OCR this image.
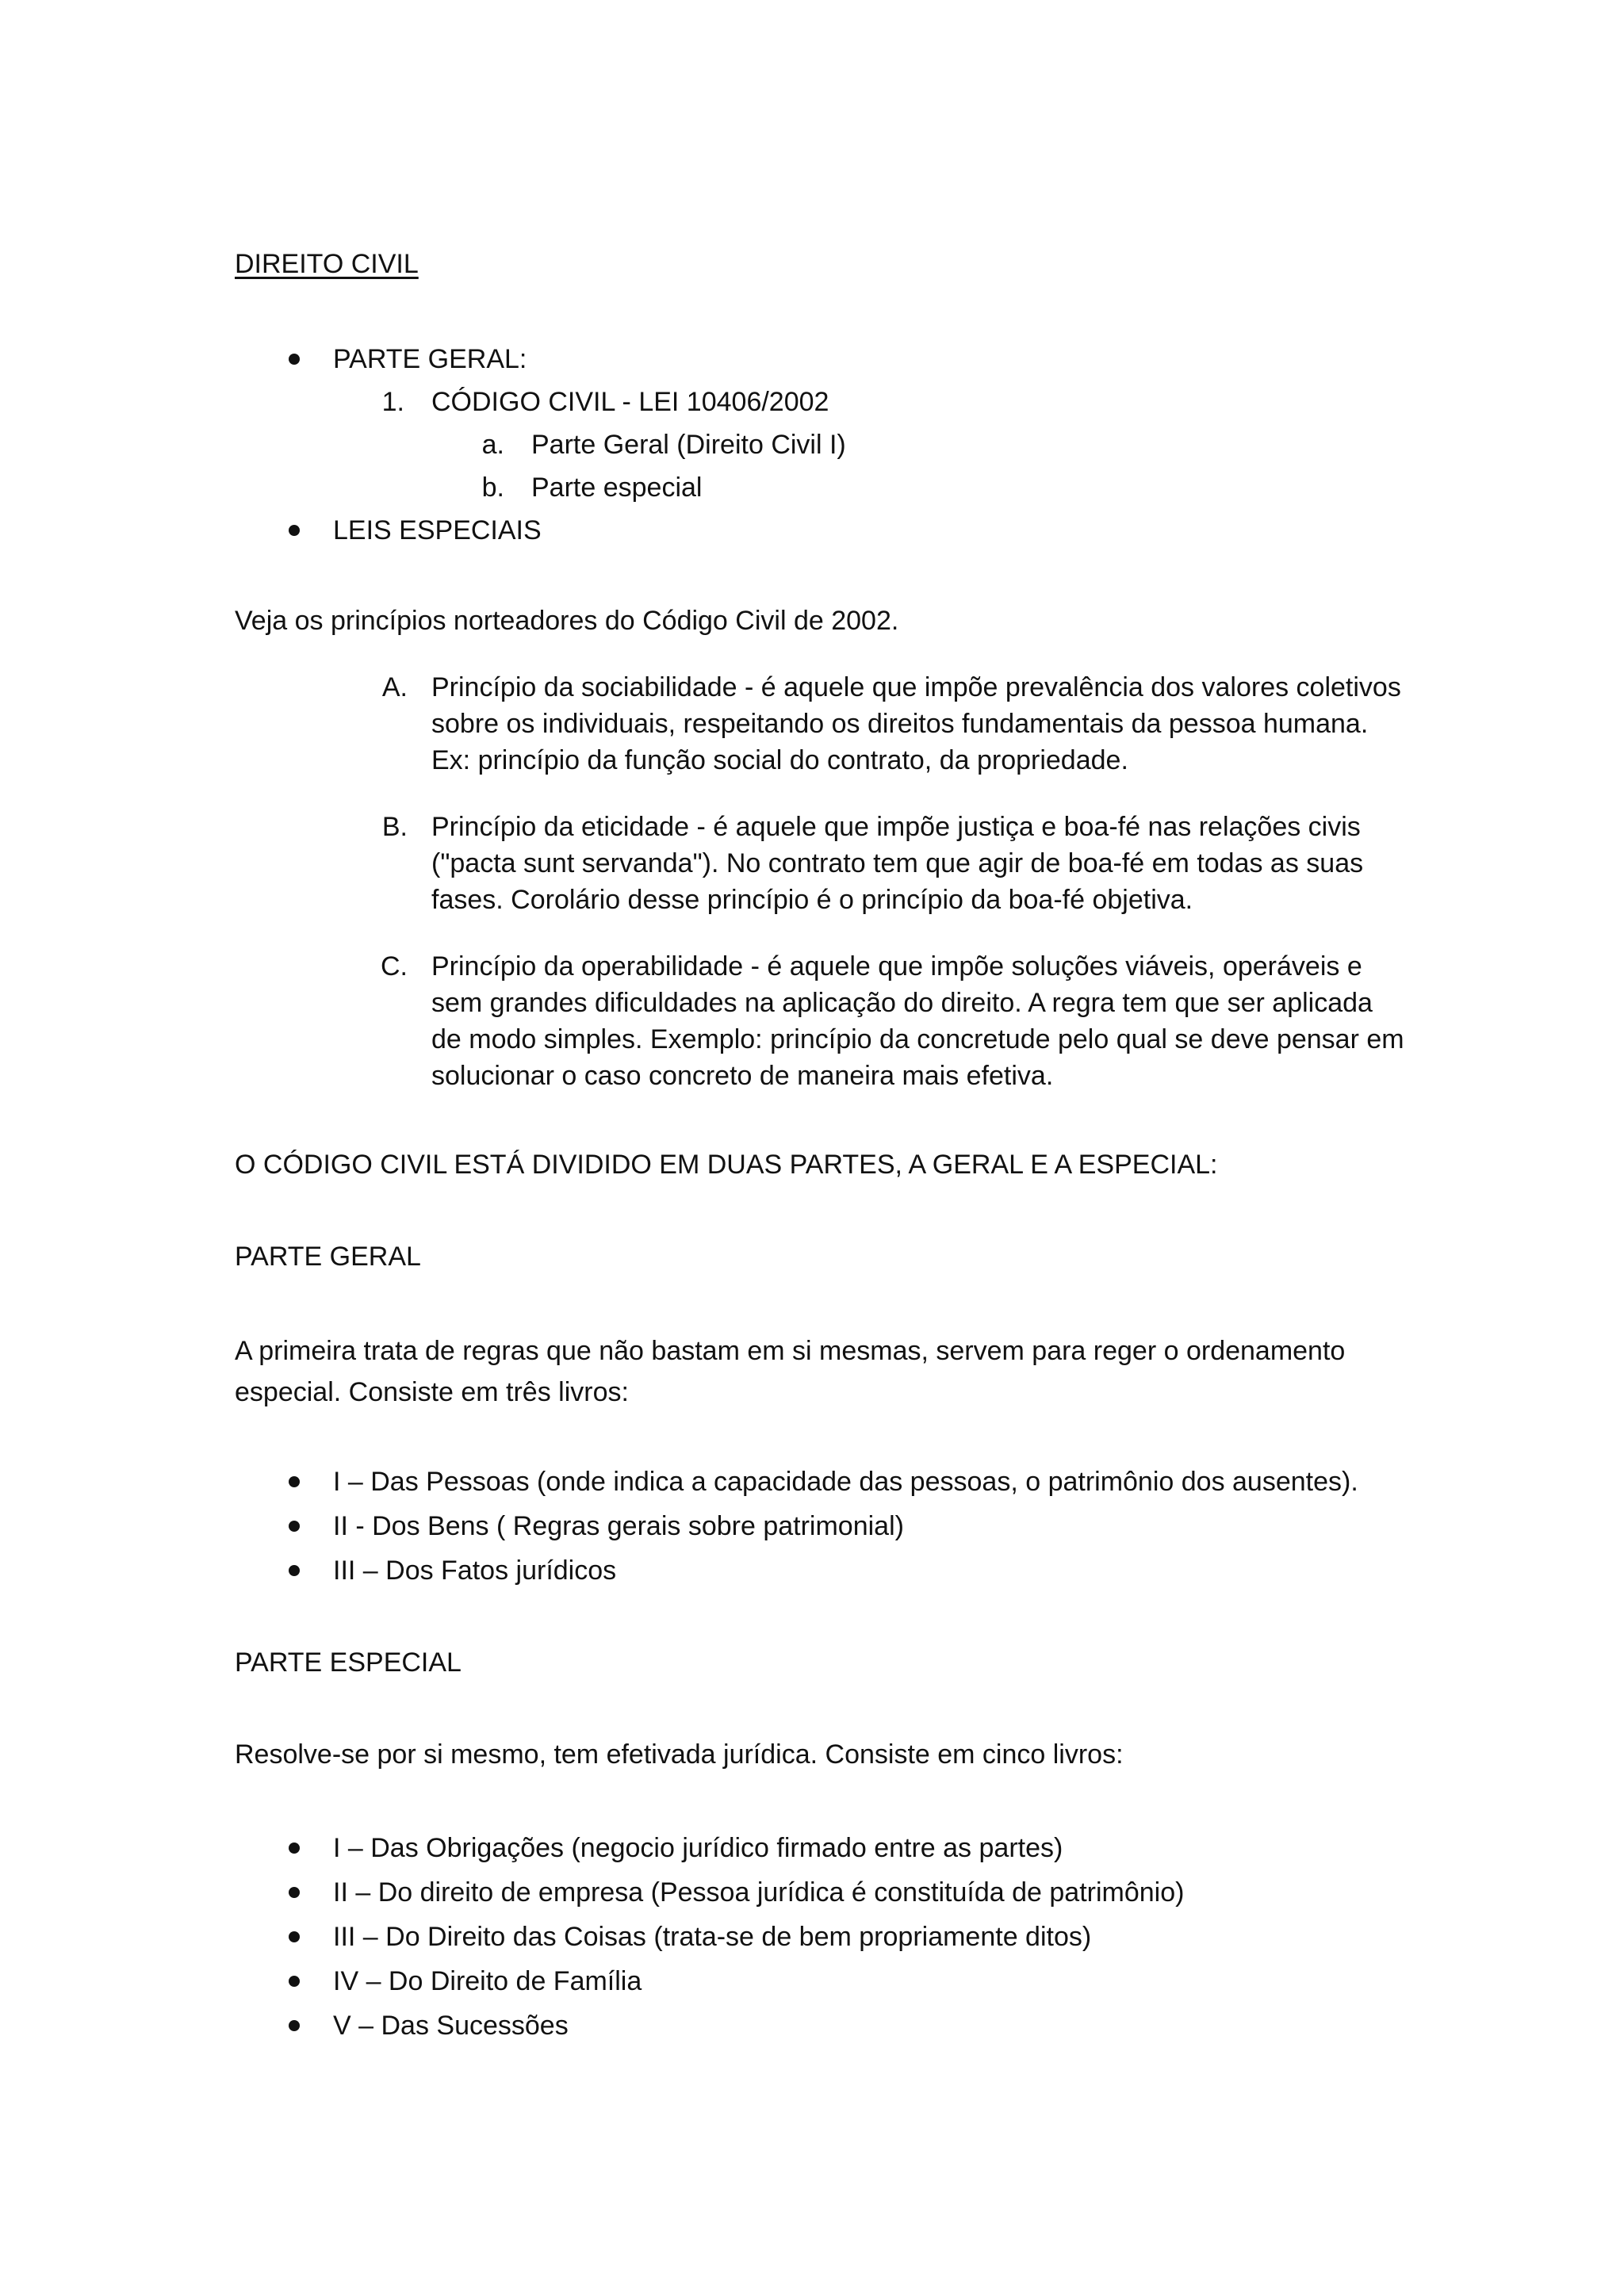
DIREITO CIVIL
PARTE GERAL:
1. CÓDIGO CIVIL - LEI 10406/2002
a. Parte Geral (Direito Civil I)
b. Parte especial
LEIS ESPECIAIS
Veja os princípios norteadores do Código Civil de 2002.
A. Princípio da sociabilidade - é aquele que impõe prevalência dos valores coletivos sobre os individuais, respeitando os direitos fundamentais da pessoa humana. Ex: princípio da função social do contrato, da propriedade.
B. Princípio da eticidade - é aquele que impõe justiça e boa-fé nas relações civis ("pacta sunt servanda"). No contrato tem que agir de boa-fé em todas as suas fases. Corolário desse princípio é o princípio da boa-fé objetiva.
C. Princípio da operabilidade - é aquele que impõe soluções viáveis, operáveis e sem grandes dificuldades na aplicação do direito. A regra tem que ser aplicada de modo simples. Exemplo: princípio da concretude pelo qual se deve pensar em solucionar o caso concreto de maneira mais efetiva.
O CÓDIGO CIVIL ESTÁ DIVIDIDO EM DUAS PARTES, A GERAL E A ESPECIAL:
PARTE GERAL
A primeira trata de regras que não bastam em si mesmas, servem para reger o ordenamento especial. Consiste em três livros:
I – Das Pessoas (onde indica a capacidade das pessoas, o patrimônio dos ausentes).
II - Dos Bens ( Regras gerais sobre patrimonial)
III – Dos Fatos jurídicos
PARTE ESPECIAL
Resolve-se por si mesmo, tem efetivada jurídica. Consiste em cinco livros:
I – Das Obrigações (negocio jurídico firmado entre as partes)
II – Do direito de empresa (Pessoa jurídica é constituída de patrimônio)
III – Do Direito das Coisas (trata-se de bem propriamente ditos)
IV – Do Direito de Família
V – Das Sucessões
